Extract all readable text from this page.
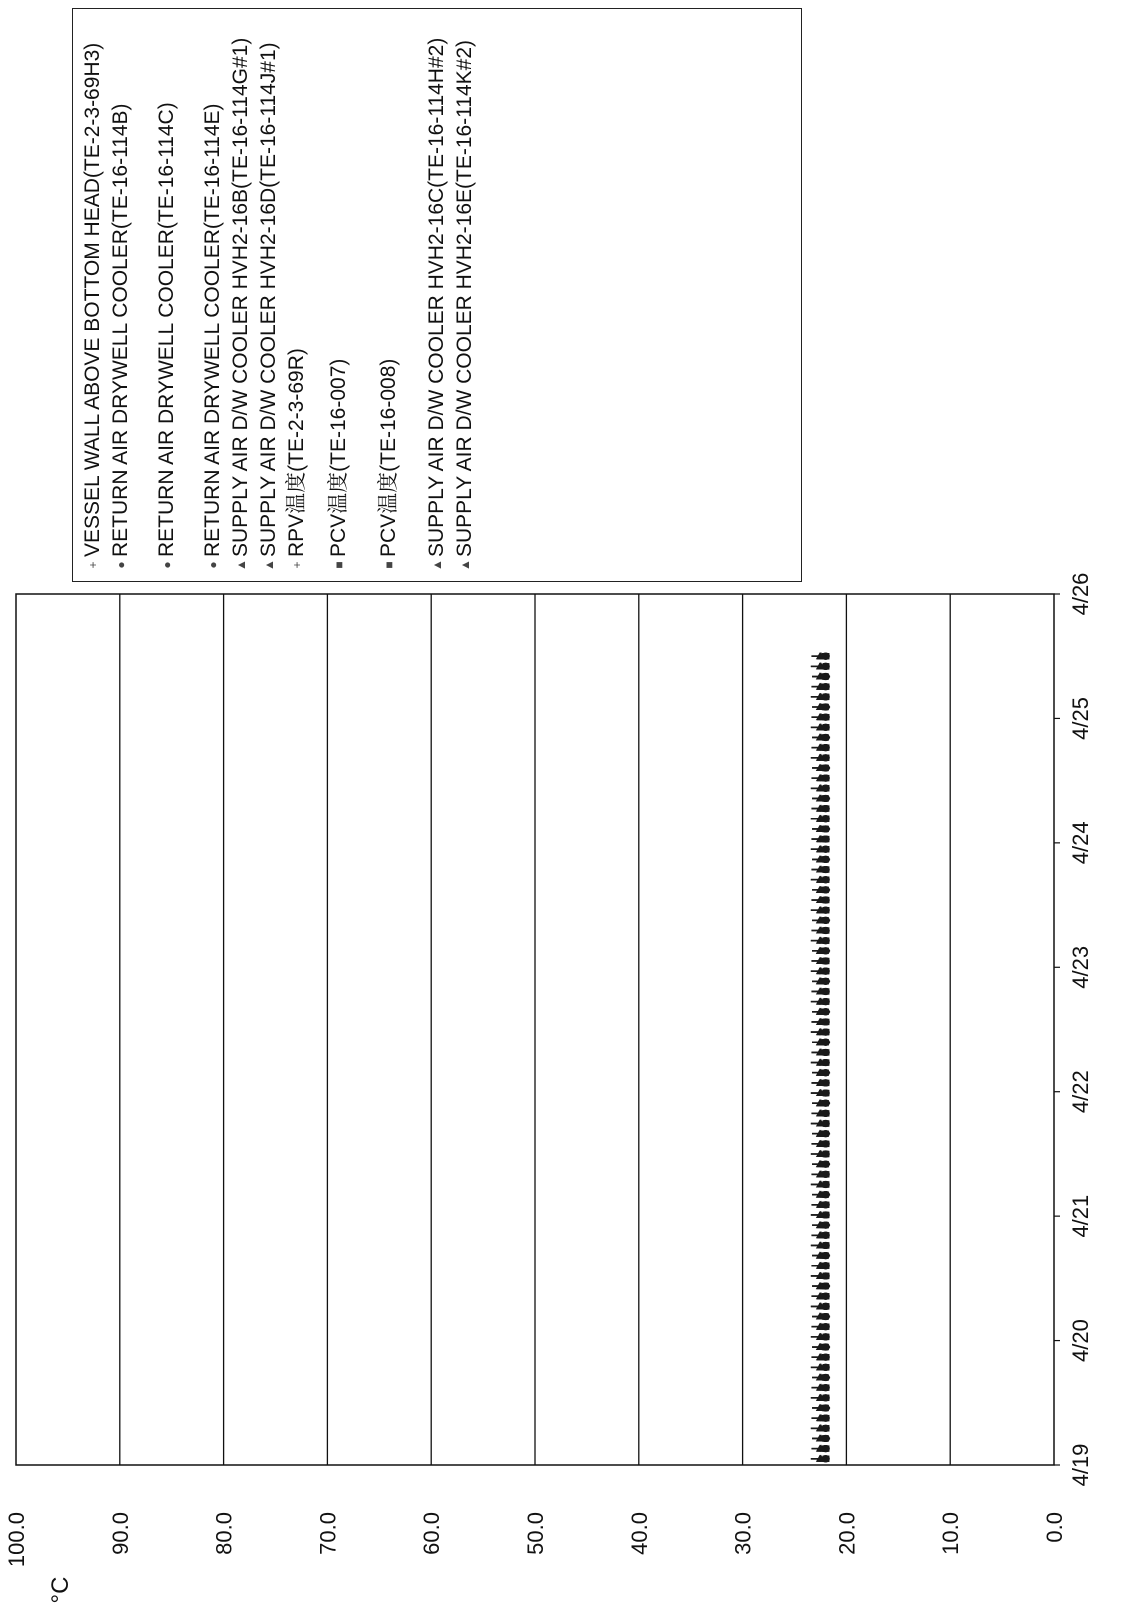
0.0
10.0
20.0
30.0
40.0
50.0
60.0
70.0
80.0
90.0
100.0
4/19
4/20
4/21
4/22
4/23
4/24
4/25
4/26
°C
+
VESSEL WALL ABOVE BOTTOM HEAD(TE-2-3-69H3)
●
RETURN AIR DRYWELL COOLER(TE-16-114B)
●
RETURN AIR DRYWELL COOLER(TE-16-114C)
●
RETURN AIR DRYWELL COOLER(TE-16-114E)
▲
SUPPLY AIR D/W COOLER HVH2-16B(TE-16-114G#1)
▲
SUPPLY AIR D/W COOLER HVH2-16D(TE-16-114J#1)
+
RPV温度(TE-2-3-69R)
■
PCV温度(TE-16-007)
■
PCV温度(TE-16-008)
▲
SUPPLY AIR D/W COOLER HVH2-16C(TE-16-114H#2)
▲
SUPPLY AIR D/W COOLER HVH2-16E(TE-16-114K#2)
